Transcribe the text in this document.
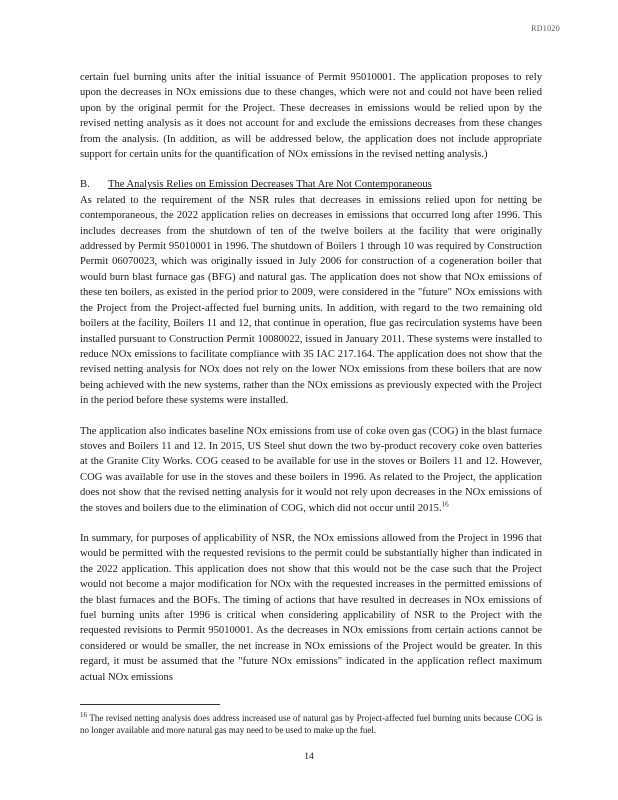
RD1020

certain fuel burning units after the initial issuance of Permit 95010001. The application proposes to rely upon the decreases in NOx emissions due to these changes, which were not and could not have been relied upon by the original permit for the Project. These decreases in emissions would be relied upon by the revised netting analysis as it does not account for and exclude the emissions decreases from these changes from the analysis. (In addition, as will be addressed below, the application does not include appropriate support for certain units for the quantification of NOx emissions in the revised netting analysis.)

B. The Analysis Relies on Emission Decreases That Are Not Contemporaneous

As related to the requirement of the NSR rules that decreases in emissions relied upon for netting be contemporaneous, the 2022 application relies on decreases in emissions that occurred long after 1996. This includes decreases from the shutdown of ten of the twelve boilers at the facility that were originally addressed by Permit 95010001 in 1996. The shutdown of Boilers 1 through 10 was required by Construction Permit 06070023, which was originally issued in July 2006 for construction of a cogeneration boiler that would burn blast furnace gas (BFG) and natural gas. The application does not show that NOx emissions of these ten boilers, as existed in the period prior to 2009, were considered in the "future" NOx emissions with the Project from the Project-affected fuel burning units. In addition, with regard to the two remaining old boilers at the facility, Boilers 11 and 12, that continue in operation, flue gas recirculation systems have been installed pursuant to Construction Permit 10080022, issued in January 2011. These systems were installed to reduce NOx emissions to facilitate compliance with 35 IAC 217.164. The application does not show that the revised netting analysis for NOx does not rely on the lower NOx emissions from these boilers that are now being achieved with the new systems, rather than the NOx emissions as previously expected with the Project in the period before these systems were installed.

The application also indicates baseline NOx emissions from use of coke oven gas (COG) in the blast furnace stoves and Boilers 11 and 12. In 2015, US Steel shut down the two by-product recovery coke oven batteries at the Granite City Works. COG ceased to be available for use in the stoves or Boilers 11 and 12. However, COG was available for use in the stoves and these boilers in 1996. As related to the Project, the application does not show that the revised netting analysis for it would not rely upon decreases in the NOx emissions of the stoves and boilers due to the elimination of COG, which did not occur until 2015.16

In summary, for purposes of applicability of NSR, the NOx emissions allowed from the Project in 1996 that would be permitted with the requested revisions to the permit could be substantially higher than indicated in the 2022 application. This application does not show that this would not be the case such that the Project would not become a major modification for NOx with the requested increases in the permitted emissions of the blast furnaces and the BOFs. The timing of actions that have resulted in decreases in NOx emissions of fuel burning units after 1996 is critical when considering applicability of NSR to the Project with the requested revisions to Permit 95010001. As the decreases in NOx emissions from certain actions cannot be considered or would be smaller, the net increase in NOx emissions of the Project would be greater. In this regard, it must be assumed that the "future NOx emissions" indicated in the application reflect maximum actual NOx emissions

$^{16}$ The revised netting analysis does address increased use of natural gas by Project-affected fuel burning units because COG is no longer available and more natural gas may need to be used to make up the fuel.
14
